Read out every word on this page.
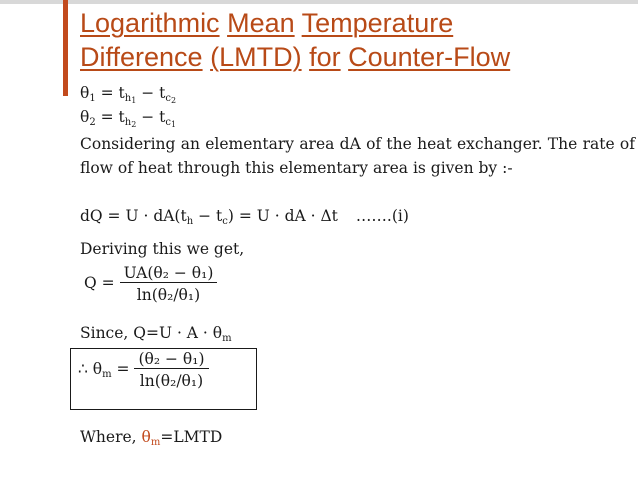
Logarithmic Mean Temperature
Difference (LMTD) for Counter-Flow
$\theta_1 = t_{h_1} - t_{c_2}$
$\theta_2 = t_{h_2} - t_{c_1}$

Considering an elementary area dA of the heat exchanger. The rate of flow of heat through this elementary area is given by :-

dQ = $U \cdot dA(t_h - t_c) = U$ · dA · Δt …….(i)
Deriving this we get,
$Q = \frac{\text{UA(θ₂ − θ₁)}}{\text{ln(θ₂/θ₁)}}$
Since, $Q=U \cdot A \cdot \theta_m$
∴ $\theta_m = \frac{\text{(θ₂ − θ₁)}}{\text{ln(θ₂/θ₁)}}$
Where, $\theta_m=LMTD$
